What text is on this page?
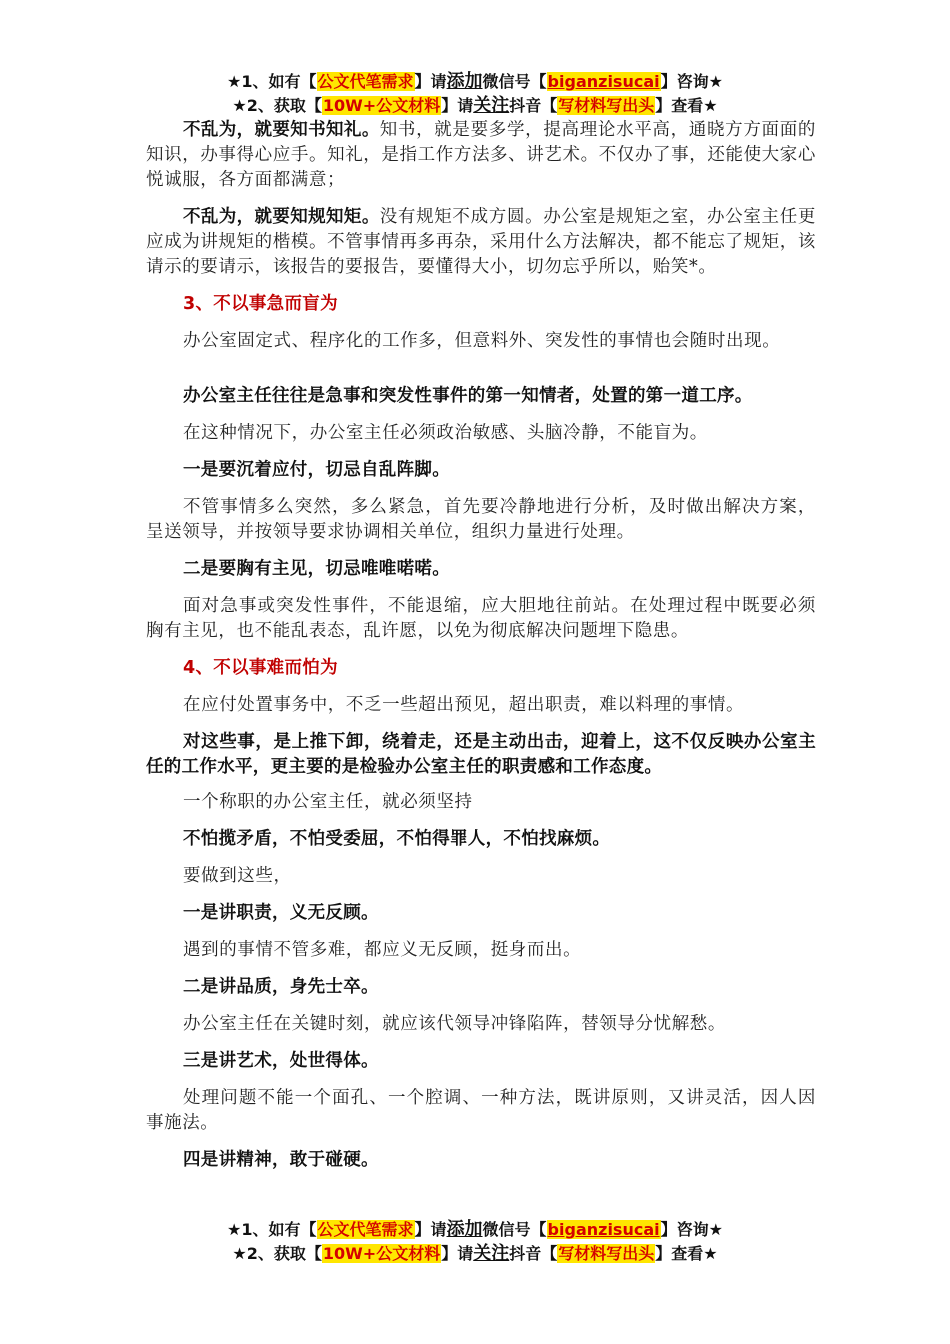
★1、如有【公文代笔需求】请添加微信号【biganzisucai】咨询★
★2、获取【10W+公文材料】请关注抖音【写材料写出头】查看★

不乱为，就要知书知礼。知书，就是要多学，提高理论水平高，通晓方方面面的知识，办事得心应手。知礼，是指工作方法多、讲艺术。不仅办了事，还能使大家心悦诚服，各方面都满意；

不乱为，就要知规知矩。没有规矩不成方圆。办公室是规矩之室，办公室主任更应成为讲规矩的楷模。不管事情再多再杂，采用什么方法解决，都不能忘了规矩，该请示的要请示，该报告的要报告，要懂得大小，切勿忘乎所以，贻笑*。

3、不以事急而盲为

办公室固定式、程序化的工作多，但意料外、突发性的事情也会随时出现。

办公室主任往往是急事和突发性事件的第一知情者，处置的第一道工序。

在这种情况下，办公室主任必须政治敏感、头脑冷静，不能盲为。

一是要沉着应付，切忌自乱阵脚。

不管事情多么突然，多么紧急，首先要冷静地进行分析，及时做出解决方案，呈送领导，并按领导要求协调相关单位，组织力量进行处理。

二是要胸有主见，切忌唯唯喏喏。

面对急事或突发性事件，不能退缩，应大胆地往前站。在处理过程中既要必须胸有主见，也不能乱表态，乱许愿，以免为彻底解决问题埋下隐患。

4、不以事难而怕为

在应付处置事务中，不乏一些超出预见，超出职责，难以料理的事情。

对这些事，是上推下卸，绕着走，还是主动出击，迎着上，这不仅反映办公室主任的工作水平，更主要的是检验办公室主任的职责感和工作态度。

一个称职的办公室主任，就必须坚持

不怕揽矛盾，不怕受委屈，不怕得罪人，不怕找麻烦。

要做到这些，

一是讲职责，义无反顾。

遇到的事情不管多难，都应义无反顾，挺身而出。

二是讲品质，身先士卒。

办公室主任在关键时刻，就应该代领导冲锋陷阵，替领导分忧解愁。

三是讲艺术，处世得体。

处理问题不能一个面孔、一个腔调、一种方法，既讲原则，又讲灵活，因人因事施法。

四是讲精神，敢于碰硬。

★1、如有【公文代笔需求】请添加微信号【biganzisucai】咨询★
★2、获取【10W+公文材料】请关注抖音【写材料写出头】查看★
